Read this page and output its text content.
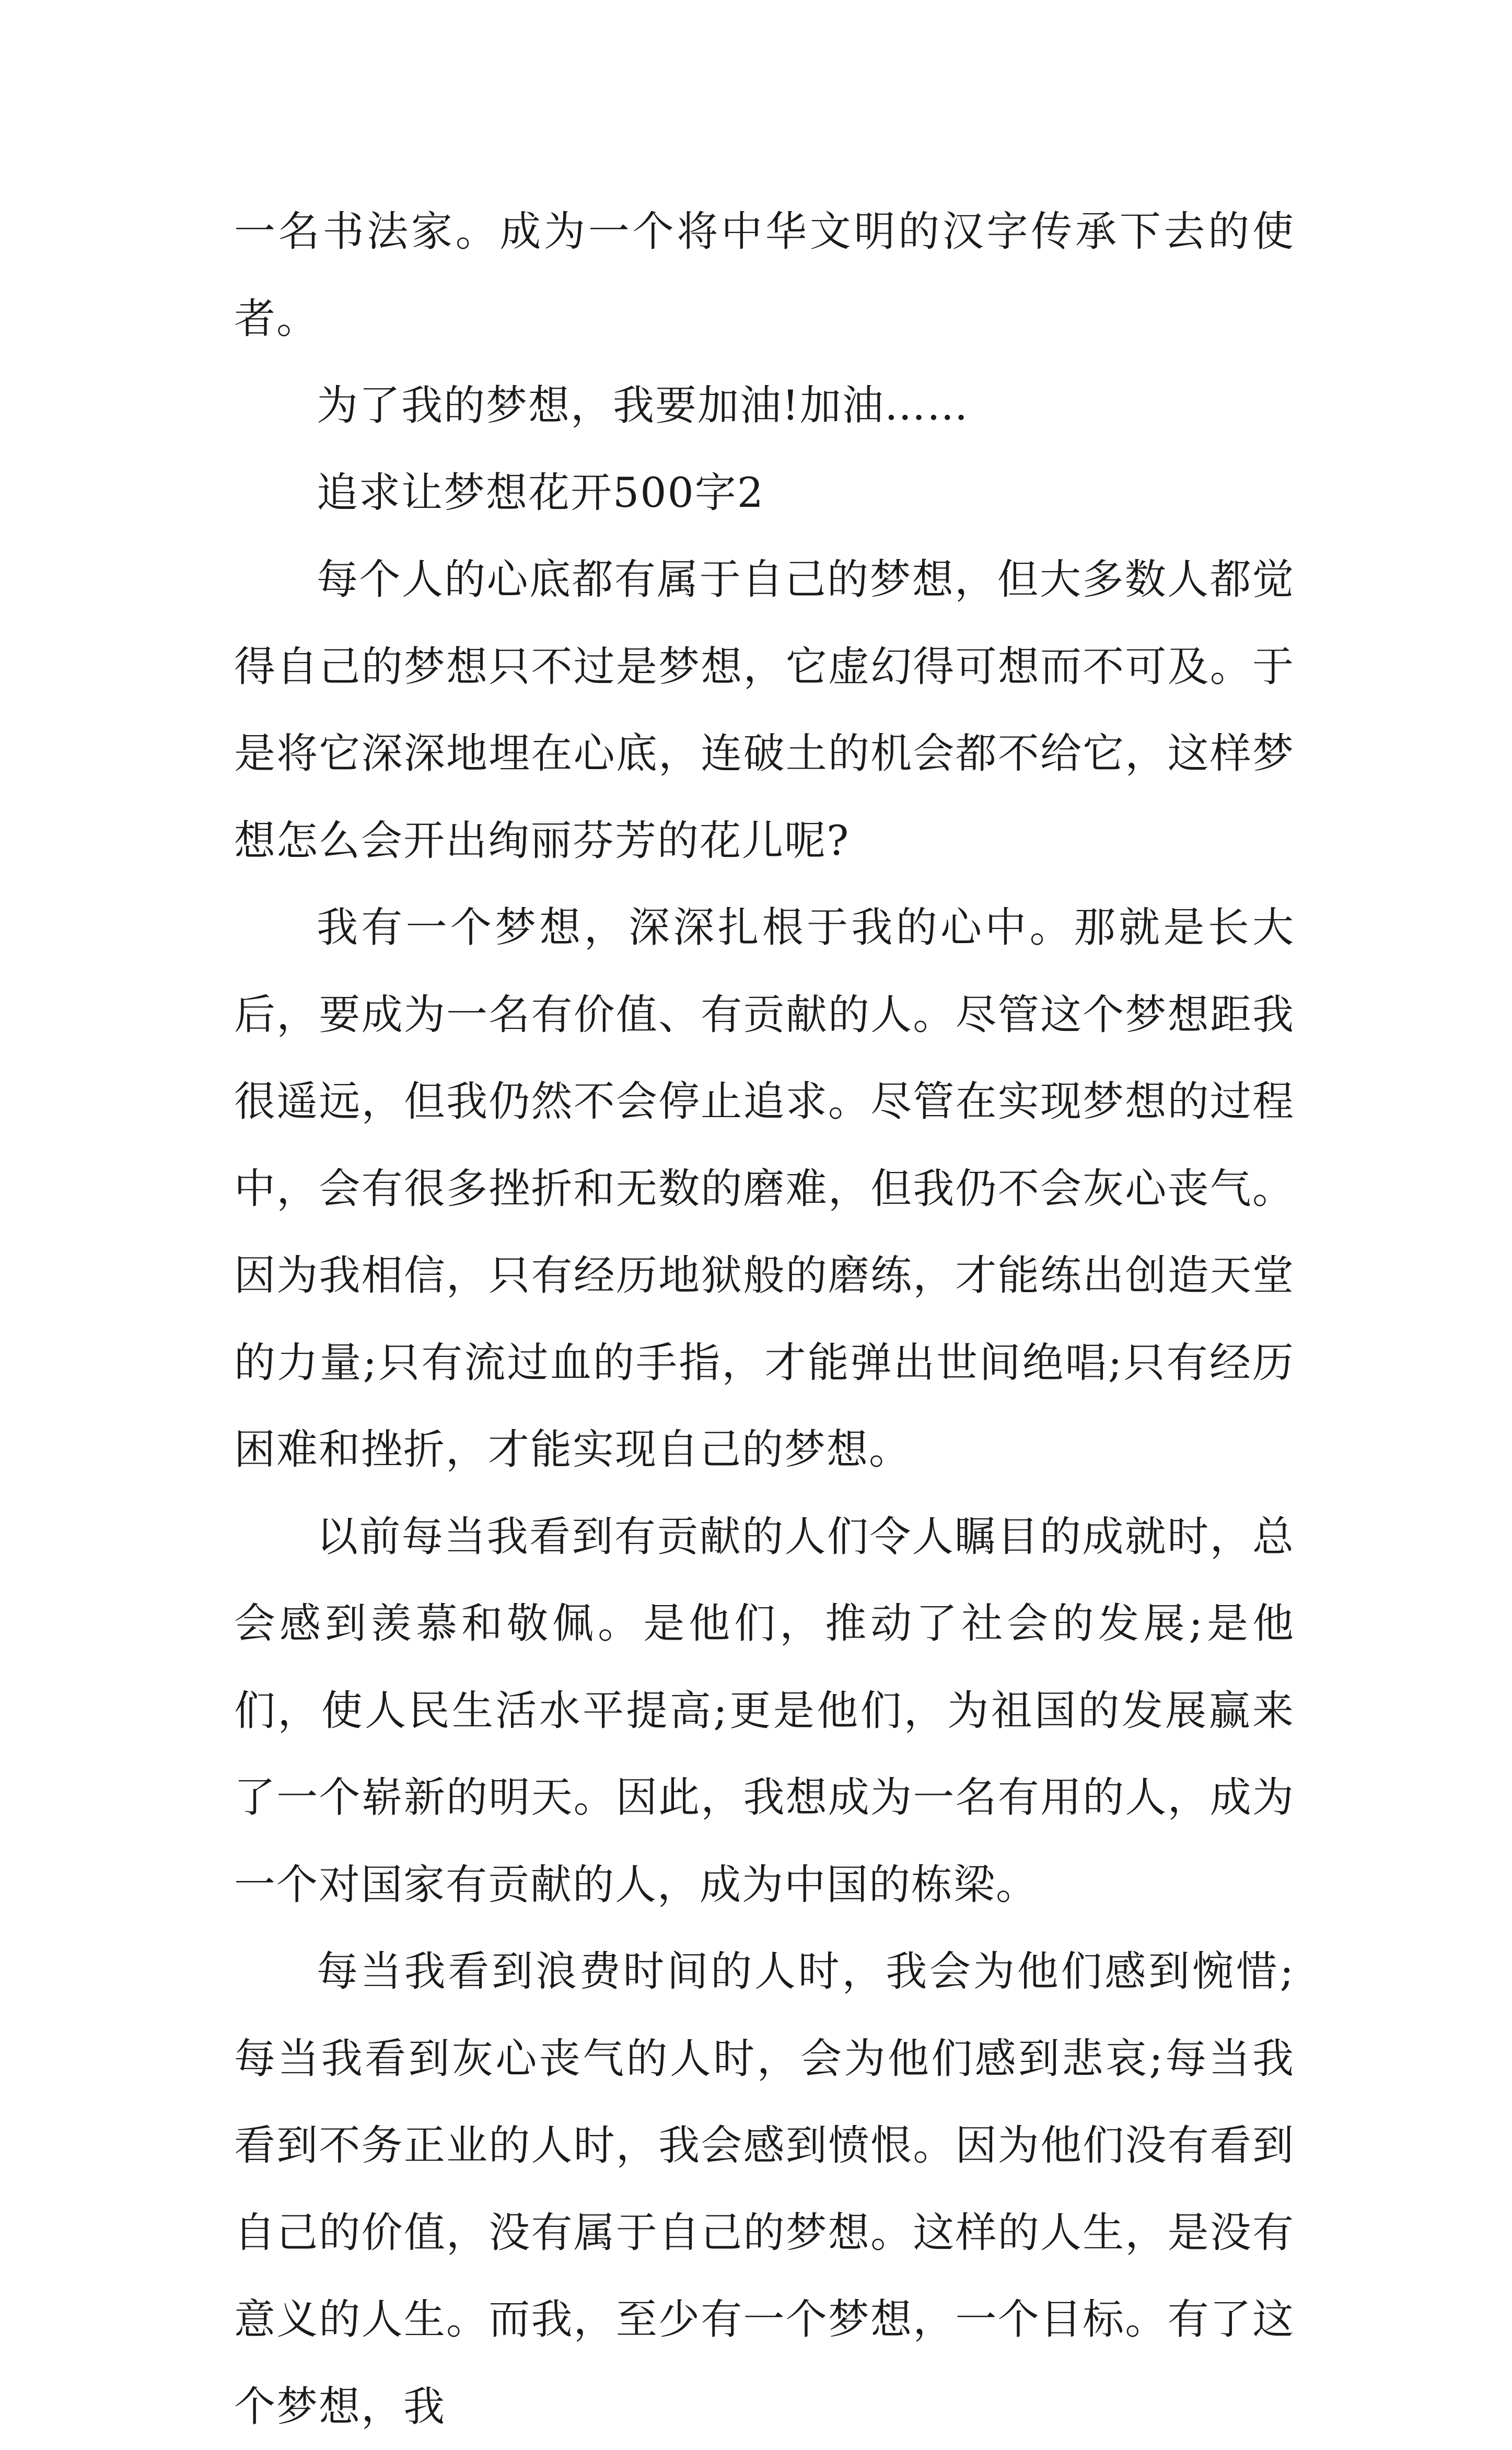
一名书法家。成为一个将中华文明的汉字传承下去的使者。

为了我的梦想，我要加油!加油……

追求让梦想花开500字2

每个人的心底都有属于自己的梦想，但大多数人都觉得自己的梦想只不过是梦想，它虚幻得可想而不可及。于是将它深深地埋在心底，连破土的机会都不给它，这样梦想怎么会开出绚丽芬芳的花儿呢?

我有一个梦想，深深扎根于我的心中。那就是长大后，要成为一名有价值、有贡献的人。尽管这个梦想距我很遥远，但我仍然不会停止追求。尽管在实现梦想的过程中，会有很多挫折和无数的磨难，但我仍不会灰心丧气。因为我相信，只有经历地狱般的磨练，才能练出创造天堂的力量;只有流过血的手指，才能弹出世间绝唱;只有经历困难和挫折，才能实现自己的梦想。

以前每当我看到有贡献的人们令人瞩目的成就时，总会感到羡慕和敬佩。是他们，推动了社会的发展;是他们，使人民生活水平提高;更是他们，为祖国的发展赢来了一个崭新的明天。因此，我想成为一名有用的人，成为一个对国家有贡献的人，成为中国的栋梁。

每当我看到浪费时间的人时，我会为他们感到惋惜;每当我看到灰心丧气的人时，会为他们感到悲哀;每当我看到不务正业的人时，我会感到愤恨。因为他们没有看到自己的价值，没有属于自己的梦想。这样的人生，是没有意义的人生。而我，至少有一个梦想，一个目标。有了这个梦想，我
